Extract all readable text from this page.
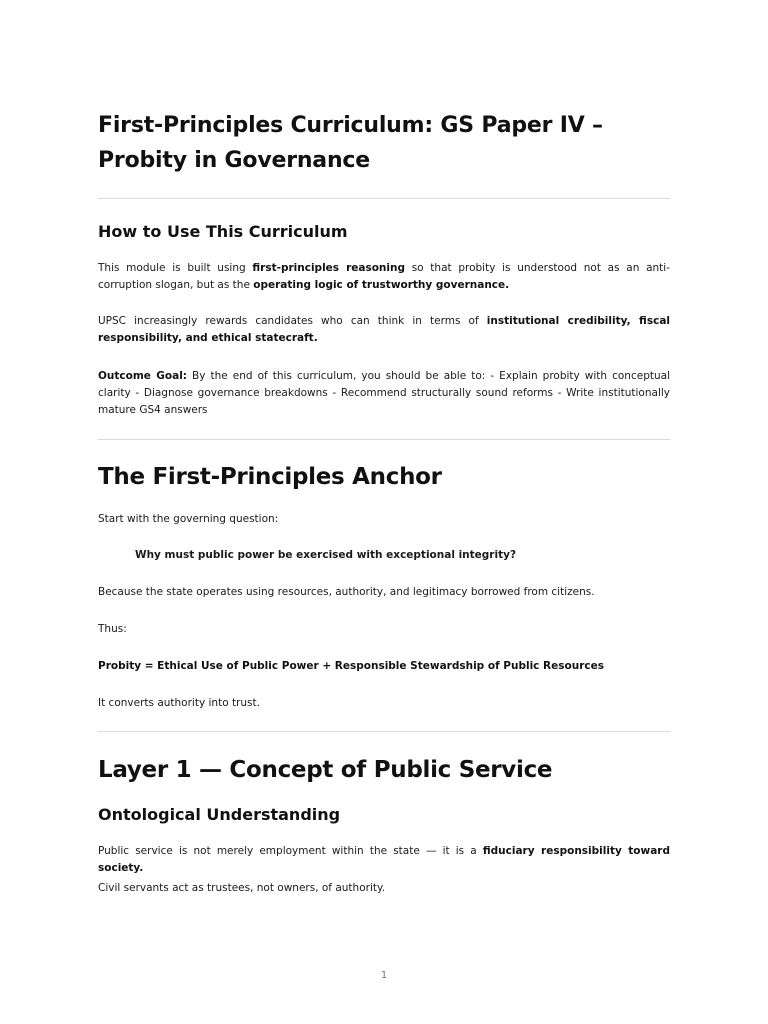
First-Principles Curriculum: GS Paper IV – Probity in Governance
How to Use This Curriculum
This module is built using first-principles reasoning so that probity is understood not as an anti-corruption slogan, but as the operating logic of trustworthy governance.
UPSC increasingly rewards candidates who can think in terms of institutional credibility, fiscal responsibility, and ethical statecraft.
Outcome Goal: By the end of this curriculum, you should be able to: - Explain probity with conceptual clarity - Diagnose governance breakdowns - Recommend structurally sound reforms - Write institutionally mature GS4 answers
The First-Principles Anchor
Start with the governing question:
Why must public power be exercised with exceptional integrity?
Because the state operates using resources, authority, and legitimacy borrowed from citizens.
Thus:
Probity = Ethical Use of Public Power + Responsible Stewardship of Public Resources
It converts authority into trust.
Layer 1 — Concept of Public Service
Ontological Understanding
Public service is not merely employment within the state — it is a fiduciary responsibility toward society.
Civil servants act as trustees, not owners, of authority.
1
